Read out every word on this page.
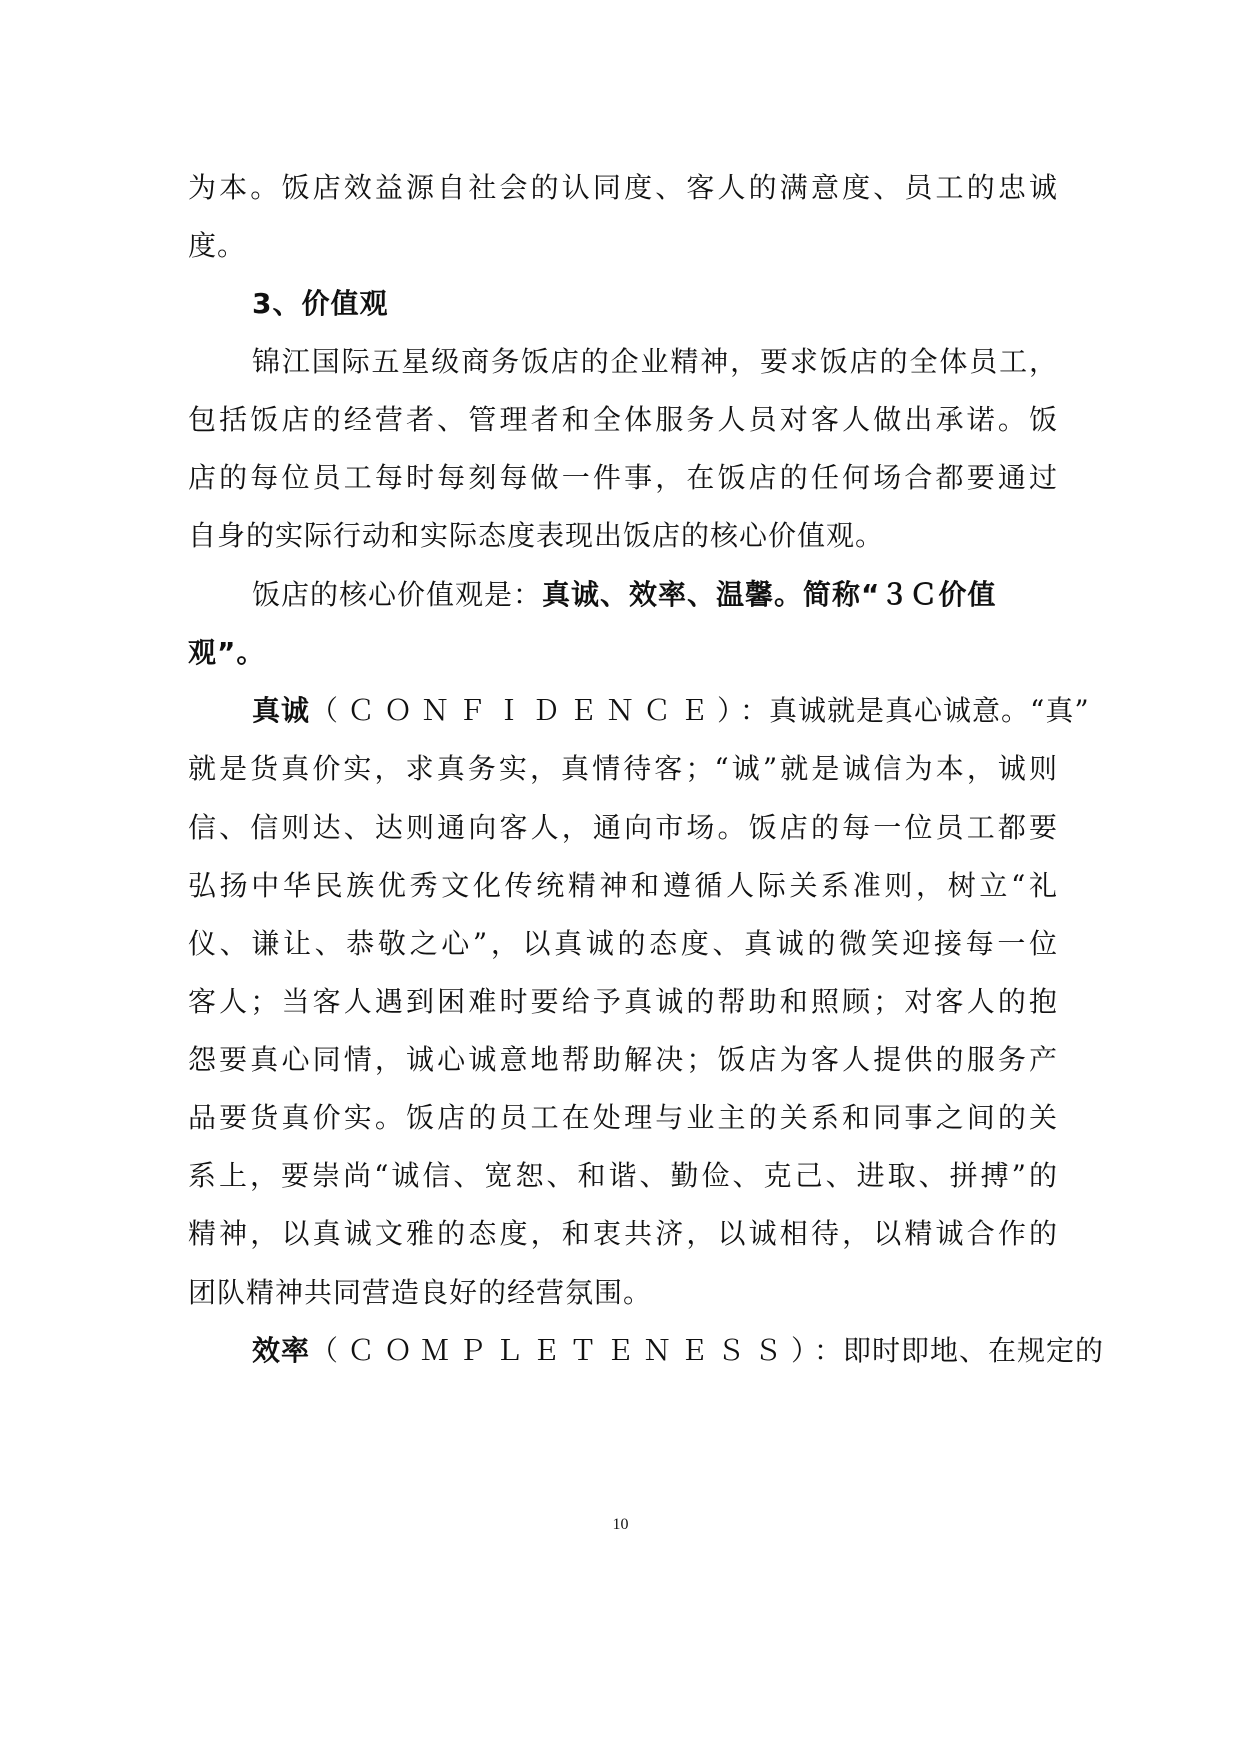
为本。饭店效益源自社会的认同度、客人的满意度、员工的忠诚
度。
3、价值观
锦江国际五星级商务饭店的企业精神，要求饭店的全体员工，
包括饭店的经营者、管理者和全体服务人员对客人做出承诺。饭
店的每位员工每时每刻每做一件事，在饭店的任何场合都要通过
自身的实际行动和实际态度表现出饭店的核心价值观。
饭店的核心价值观是：真诚、效率、温馨。简称“３Ｃ价值
观”。
真诚（ＣＯＮＦＩＤＥＮＣＥ）：真诚就是真心诚意。“真”
就是货真价实，求真务实，真情待客；“诚”就是诚信为本，诚则
信、信则达、达则通向客人，通向市场。饭店的每一位员工都要
弘扬中华民族优秀文化传统精神和遵循人际关系准则，树立“礼
仪、谦让、恭敬之心”，以真诚的态度、真诚的微笑迎接每一位
客人；当客人遇到困难时要给予真诚的帮助和照顾；对客人的抱
怨要真心同情，诚心诚意地帮助解决；饭店为客人提供的服务产
品要货真价实。饭店的员工在处理与业主的关系和同事之间的关
系上，要崇尚“诚信、宽恕、和谐、勤俭、克己、进取、拼搏”的
精神，以真诚文雅的态度，和衷共济，以诚相待，以精诚合作的
团队精神共同营造良好的经营氛围。
效率（ＣＯＭＰＬＥＴＥＮＥＳＳ）：即时即地、在规定的
10
